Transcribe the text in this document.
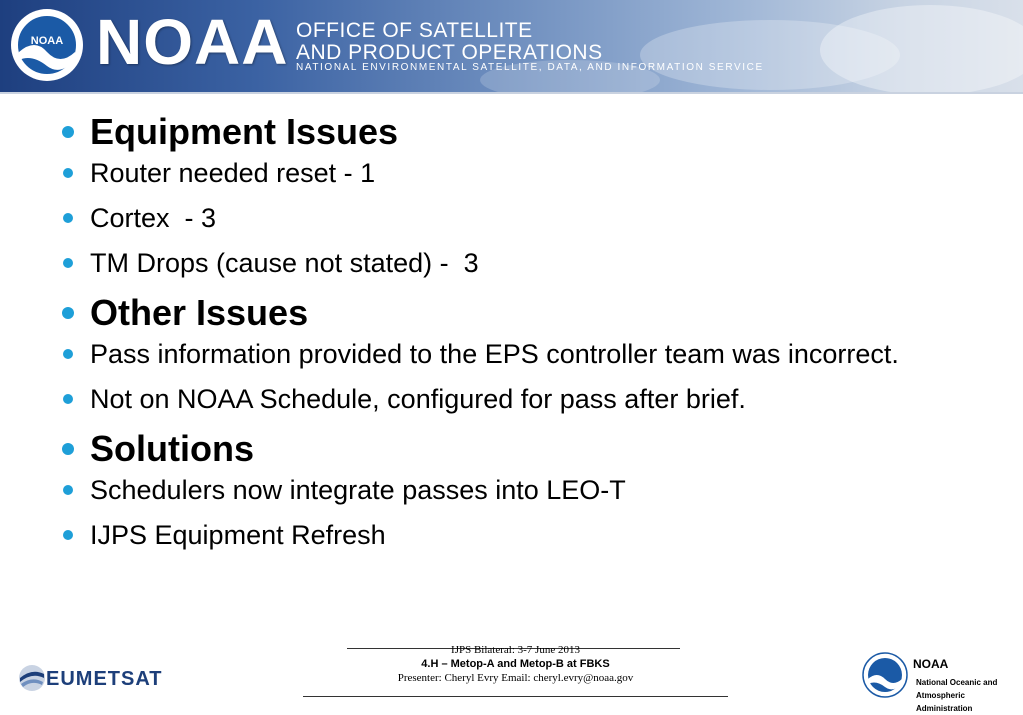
NOAA NOAA OFFICE OF SATELLITE
AND PRODUCT OPERATIONS
NATIONAL ENVIRONMENTAL SATELLITE, DATA, AND INFORMATION SERVICE
Equipment Issues
Router needed reset - 1
Cortex  - 3
TM Drops (cause not stated) -  3
Other Issues
Pass information provided to the EPS controller team was incorrect.
Not on NOAA Schedule, configured for pass after brief.
Solutions
Schedulers now integrate passes into LEO-T
IJPS Equipment Refresh
EUMETSAT
IJPS Bilateral: 3-7 June 2013
4.H – Metop-A and Metop-B at FBKS
Presenter: Cheryl Evry Email: cheryl.evry@noaa.gov
NOAA
National Oceanic and
Atmospheric Administration
